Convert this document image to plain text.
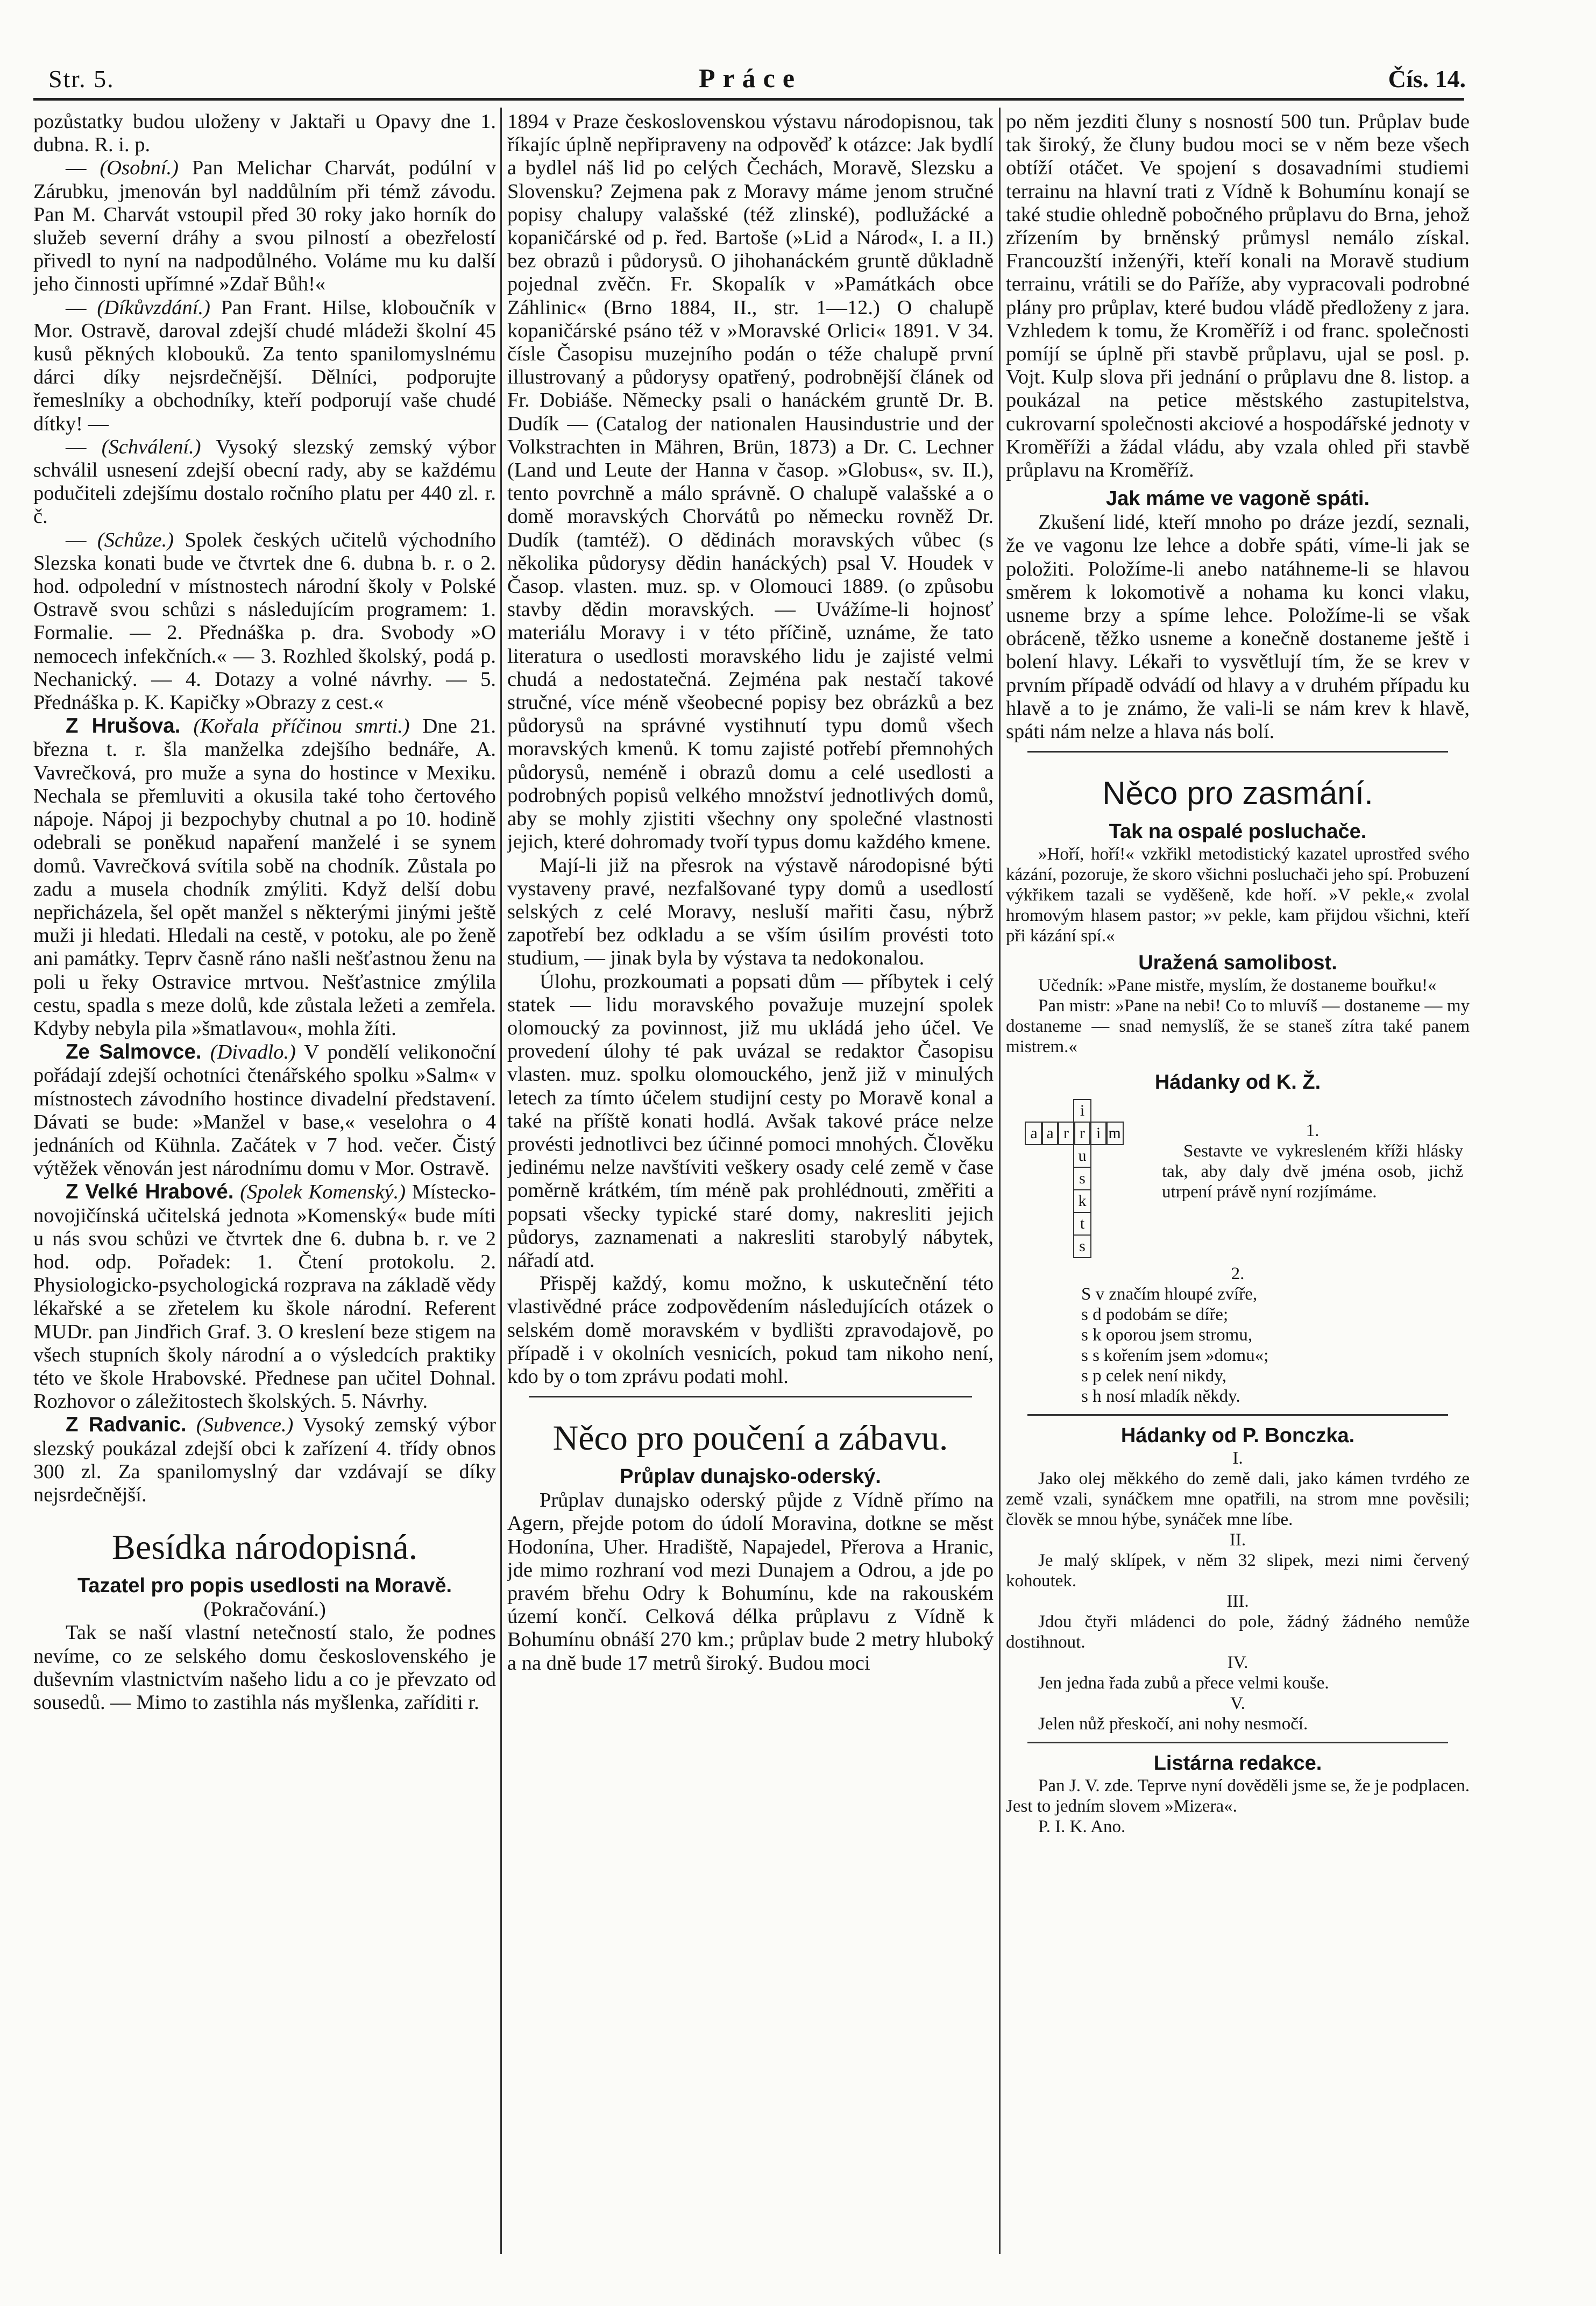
Str. 5.	Práce	Čís. 14.

pozůstatky budou uloženy v Jaktaři u Opavy dne 1. dubna. R. i. p.

— (Osobní.) Pan Melichar Charvát, podúlní v Zárubku, jmenován byl naddůlním při témž závodu. Pan M. Charvát vstoupil před 30 roky jako horník do služeb severní dráhy a svou pilností a obezřelostí přivedl to nyní na nadpodůlného. Voláme mu ku další jeho činnosti upřímné »Zdař Bůh!«

— (Díkůvzdání.) Pan Frant. Hilse, kloboučník v Mor. Ostravě, daroval zdejší chudé mládeži školní 45 kusů pěkných klobouků. Za tento spanilomyslnému dárci díky nejsrdečnější. Dělníci, podporujte řemeslníky a obchodníky, kteří podporují vaše chudé dítky! —

— (Schválení.) Vysoký slezský zemský výbor schválil usnesení zdejší obecní rady, aby se každému podučiteli zdejšímu dostalo ročního platu per 440 zl. r. č.

— (Schůze.) Spolek českých učitelů východního Slezska konati bude ve čtvrtek dne 6. dubna b. r. o 2. hod. odpolední v místnostech národní školy v Polské Ostravě svou schůzi s následujícím programem: 1. Formalie. — 2. Přednáška p. dra. Svobody »O nemocech infekčních.« — 3. Rozhled školský, podá p. Nechanický. — 4. Dotazy a volné návrhy. — 5. Přednáška p. K. Kapičky »Obrazy z cest.«

Z Hrušova. (Kořala příčinou smrti.) Dne 21. března t. r. šla manželka zdejšího bednáře, A. Vavrečková, pro muže a syna do hostince v Mexiku. Nechala se přemluviti a okusila také toho čertového nápoje. Nápoj ji bezpochyby chutnal a po 10. hodině odebrali se poněkud napaření manželé i se synem domů. Vavrečková svítila sobě na chodník. Zůstala po zadu a musela chodník zmýliti. Když delší dobu nepřicházela, šel opět manžel s některými jinými ještě muži ji hledati. Hledali na cestě, v potoku, ale po ženě ani památky. Teprv časně ráno našli nešťastnou ženu na poli u řeky Ostravice mrtvou. Nešťastnice zmýlila cestu, spadla s meze dolů, kde zůstala ležeti a zemřela. Kdyby nebyla pila »šmatlavou«, mohla žíti.

Ze Salmovce. (Divadlo.) V pondělí velikonoční pořádají zdejší ochotníci čtenářského spolku »Salm« v místnostech závodního hostince divadelní představení. Dávati se bude: »Manžel v base,« veselohra o 4 jednáních od Kühnla. Začátek v 7 hod. večer. Čistý výtěžek věnován jest národnímu domu v Mor. Ostravě.

Z Velké Hrabové. (Spolek Komenský.) Místecko-novojičínská učitelská jednota »Komenský« bude míti u nás svou schůzi ve čtvrtek dne 6. dubna b. r. ve 2 hod. odp. Pořadek: 1. Čtení protokolu. 2. Physiologicko-psychologická rozprava na základě vědy lékařské a se zřetelem ku škole národní. Referent MUDr. pan Jindřich Graf. 3. O kreslení beze stigem na všech stupních školy národní a o výsledcích praktiky této ve škole Hrabovské. Přednese pan učitel Dohnal. Rozhovor o záležitostech školských. 5. Návrhy.

Z Radvanic. (Subvence.) Vysoký zemský výbor slezský poukázal zdejší obci k zařízení 4. třídy obnos 300 zl. Za spanilomyslný dar vzdávají se díky nejsrdečnější.

Besídka národopisná.
Tazatel pro popis usedlosti na Moravě.
(Pokračování.)

Tak se naší vlastní netečností stalo, že podnes nevíme, co ze selského domu československého je duševním vlastnictvím našeho lidu a co je převzato od sousedů. — Mimo to zastihla nás myšlenka, zaříditi r.

1894 v Praze československou výstavu národopisnou, tak říkajíc úplně nepřipraveny na odpověď k otázce: Jak bydlí a bydlel náš lid po celých Čechách, Moravě, Slezsku a Slovensku? Zejmena pak z Moravy máme jenom stručné popisy chalupy valašské (též zlinské), podlužácké a kopaničárské od p. řed. Bartoše (»Lid a Národ«, I. a II.) bez obrazů i půdorysů. O jihohanáckém gruntě důkladně pojednal zvěčn. Fr. Skopalík v »Památkách obce Záhlinic« (Brno 1884, II., str. 1—12.) O chalupě kopaničárské psáno též v »Moravské Orlici« 1891. V 34. čísle Časopisu muzejního podán o téže chalupě první illustrovaný a půdorysy opatřený, podrobnější článek od Fr. Dobiáše. Německy psali o hanáckém gruntě Dr. B. Dudík — (Catalog der nationalen Hausindustrie und der Volkstrachten in Mähren, Brün, 1873) a Dr. C. Lechner (Land und Leute der Hanna v časop. »Globus«, sv. II.), tento povrchně a málo správně. O chalupě valašské a o domě moravských Chorvátů po německu rovněž Dr. Dudík (tamtéž). O dědinách moravských vůbec (s několika půdorysy dědin hanáckých) psal V. Houdek v Časop. vlasten. muz. sp. v Olomouci 1889. (o způsobu stavby dědin moravských. — Uvážíme-li hojnosť materiálu Moravy i v této příčině, uznáme, že tato literatura o usedlosti moravského lidu je zajisté velmi chudá a nedostatečná. Zejména pak nestačí takové stručné, více méně všeobecné popisy bez obrázků a bez půdorysů na správné vystihnutí typu domů všech moravských kmenů. K tomu zajisté potřebí přemnohých půdorysů, neméně i obrazů domu a celé usedlosti a podrobných popisů velkého množství jednotlivých domů, aby se mohly zjistiti všechny ony společné vlastnosti jejich, které dohromady tvoří typus domu každého kmene.

Mají-li již na přesrok na výstavě národopisné býti vystaveny pravé, nezfalšované typy domů a usedlostí selských z celé Moravy, nesluší mařiti času, nýbrž zapotřebí bez odkladu a se vším úsilím provésti toto studium, — jinak byla by výstava ta nedokonalou.

Úlohu, prozkoumati a popsati dům — příbytek i celý statek — lidu moravského považuje muzejní spolek olomoucký za povinnost, již mu ukládá jeho účel. Ve provedení úlohy té pak uvázal se redaktor Časopisu vlasten. muz. spolku olomouckého, jenž již v minulých letech za tímto účelem studijní cesty po Moravě konal a také na příště konati hodlá. Avšak takové práce nelze provésti jednotlivci bez účinné pomoci mnohých. Člověku jedinému nelze navštíviti veškery osady celé země v čase poměrně krátkém, tím méně pak prohlédnouti, změřiti a popsati všecky typické staré domy, nakresliti jejich půdorys, zaznamenati a nakresliti starobylý nábytek, nářadí atd.

Přispěj každý, komu možno, k uskutečnění této vlastivědné práce zodpovědením následujících otázek o selském domě moravském v bydlišti zpravodajově, po případě i v okolních vesnicích, pokud tam nikoho není, kdo by o tom zprávu podati mohl.

Něco pro poučení a zábavu.
Průplav dunajsko-oderský.

Průplav dunajsko oderský půjde z Vídně přímo na Agern, přejde potom do údolí Moravina, dotkne se měst Hodonína, Uher. Hradiště, Napajedel, Přerova a Hranic, jde mimo rozhraní vod mezi Dunajem a Odrou, a jde po pravém břehu Odry k Bohumínu, kde na rakouském území končí. Celková délka průplavu z Vídně k Bohumínu obnáší 270 km.; průplav bude 2 metry hluboký a na dně bude 17 metrů široký. Budou moci

po něm jezditi čluny s nosností 500 tun. Průplav bude tak široký, že čluny budou moci se v něm beze všech obtíží otáčet. Ve spojení s dosavadními studiemi terrainu na hlavní trati z Vídně k Bohumínu konají se také studie ohledně pobočného průplavu do Brna, jehož zřízením by brněnský průmysl nemálo získal. Francouzští inženýři, kteří konali na Moravě studium terrainu, vrátili se do Paříže, aby vypracovali podrobné plány pro průplav, které budou vládě předloženy z jara. Vzhledem k tomu, že Kroměříž i od franc. společnosti pomíjí se úplně při stavbě průplavu, ujal se posl. p. Vojt. Kulp slova při jednání o průplavu dne 8. listop. a poukázal na petice městského zastupitelstva, cukrovarní společnosti akciové a hospodářské jednoty v Kroměříži a žádal vládu, aby vzala ohled při stavbě průplavu na Kroměříž.

Jak máme ve vagoně spáti.

Zkušení lidé, kteří mnoho po dráze jezdí, seznali, že ve vagonu lze lehce a dobře spáti, víme-li jak se položiti. Položíme-li anebo natáhneme-li se hlavou směrem k lokomotivě a nohama ku konci vlaku, usneme brzy a spíme lehce. Položíme-li se však obráceně, těžko usneme a konečně dostaneme ještě i bolení hlavy. Lékaři to vysvětlují tím, že se krev v prvním případě odvádí od hlavy a v druhém případu ku hlavě a to je známo, že vali-li se nám krev k hlavě, spáti nám nelze a hlava nás bolí.

Něco pro zasmání.
Tak na ospalé posluchače.

»Hoří, hoří!« vzkřikl metodistický kazatel uprostřed svého kázání, pozoruje, že skoro všichni posluchači jeho spí. Probuzení výkřikem tazali se vyděšeně, kde hoří. »V pekle,« zvolal hromovým hlasem pastor; »v pekle, kam přijdou všichni, kteří při kázání spí.«

Uražená samolibost.

Učedník: »Pane mistře, myslím, že dostaneme bouřku!«

Pan mistr: »Pane na nebi! Co to mluvíš — dostaneme — my dostaneme — snad nemyslíš, že se staneš zítra také panem mistrem.«

Hádanky od K. Ž.
i
a a r r i m
u
s
k
t
s
1.
Sestavte ve vykresleném kříži hlásky tak, aby daly dvě jména osob, jichž utrpení právě nyní rozjímáme.
2.
S v značím hloupé zvíře,
s d podobám se díře;
s k oporou jsem stromu,
s s kořením jsem »domu«;
s p celek není nikdy,
s h nosí mladík někdy.
Hádanky od P. Bonczka.
I.

Jako olej měkkého do země dali, jako kámen tvrdého ze země vzali, synáčkem mne opatřili, na strom mne pověsili; člověk se mnou hýbe, synáček mne líbe.

II.

Je malý sklípek, v něm 32 slipek, mezi nimi červený kohoutek.

III.

Jdou čtyři mládenci do pole, žádný žádného nemůže dostihnout.

IV.

Jen jedna řada zubů a přece velmi kouše.

V.

Jelen nůž přeskočí, ani nohy nesmočí.

Listárna redakce.

Pan J. V. zde. Teprve nyní dověděli jsme se, že je podplacen. Jest to jedním slovem »Mizera«.

P. I. K. Ano.
